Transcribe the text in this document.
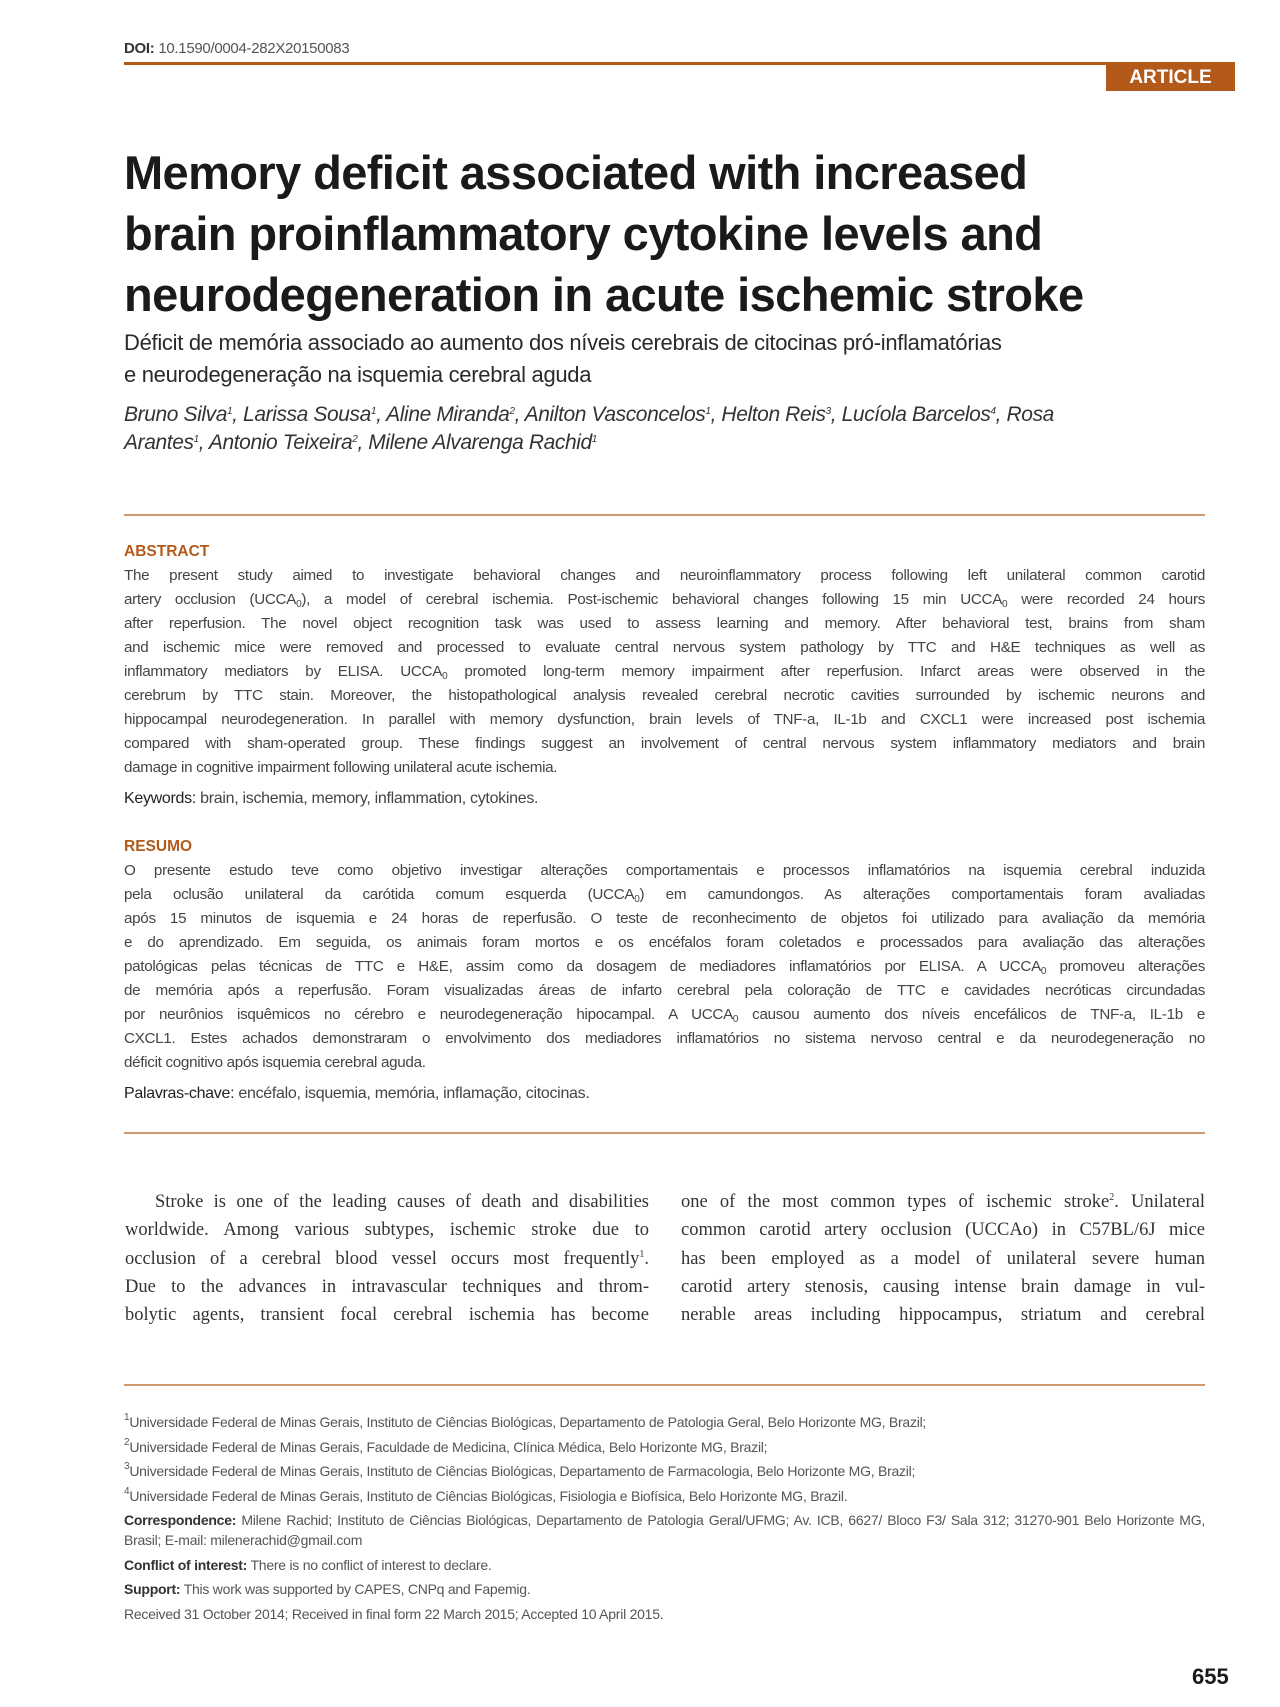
DOI: 10.1590/0004-282X20150083
ARTICLE
Memory deficit associated with increased
brain proinflammatory cytokine levels and
neurodegeneration in acute ischemic stroke
Déficit de memória associado ao aumento dos níveis cerebrais de citocinas pró-inflamatórias
e neurodegeneração na isquemia cerebral aguda
Bruno Silva$^1$, Larissa Sousa$^1$, Aline Miranda$^2$, Anilton Vasconcelos$^1$, Helton Reis$^3$, Lucíola Barcelos$^4$, Rosa
Arantes$^1$, Antonio Teixeira$^2$, Milene Alvarenga Rachid$^1$
ABSTRACT
The present study aimed to investigate behavioral changes and neuroinflammatory process following left unilateral common carotid
artery occlusion $(UCCA_0)$, a model of cerebral ischemia. Post-ischemic behavioral changes following 15 $\min UCCA_0$ were recorded 24 hours
after reperfusion. The novel object recognition task was used to assess learning and memory. After behavioral test, brains from sham
and ischemic mice were removed and processed to evaluate central nervous system pathology by TTC and H&E techniques as well as
inflammatory mediators by ELISA. $UCCA_0$ promoted long-term memory impairment after reperfusion. Infarct areas were observed in the
cerebrum by TTC stain. Moreover, the histopathological analysis revealed cerebral necrotic cavities surrounded by ischemic neurons and
hippocampal neurodegeneration. In parallel with memory dysfunction, brain levels of TNF-a, IL-1b and CXCL1 were increased post ischemia
compared with sham-operated group. These findings suggest an involvement of central nervous system inflammatory mediators and brain
damage in cognitive impairment following unilateral acute ischemia.
Keywords: brain, ischemia, memory, inflammation, cytokines.
RESUMO
O presente estudo teve como objetivo investigar alterações comportamentais e processos inflamatórios na isquemia cerebral induzida
pela oclusão unilateral da carótida comum esquerda $(UCCA_0)$ em camundongos. As alterações comportamentais foram avaliadas
após 15 minutos de isquemia e 24 horas de reperfusão. O teste de reconhecimento de objetos foi utilizado para avaliação da memória
e do aprendizado. Em seguida, os animais foram mortos e os encéfalos foram coletados e processados para avaliação das alterações
patológicas pelas técnicas de TTC e H&E, assim como da dosagem de mediadores inflamatórios por ELISA. A $UCCA_0$ promoveu alterações
de memória após a reperfusão. Foram visualizadas áreas de infarto cerebral pela coloração de TTC e cavidades necróticas circundadas
por neurônios isquêmicos no cérebro e neurodegeneração hipocampal. A $UCCA_0$ causou aumento dos níveis encefálicos de TNF-a, IL-1b e
CXCL1. Estes achados demonstraram o envolvimento dos mediadores inflamatórios no sistema nervoso central e da neurodegeneração no
déficit cognitivo após isquemia cerebral aguda.
Palavras-chave: encéfalo, isquemia, memória, inflamação, citocinas.
Stroke is one of the leading causes of death and disabilities
worldwide. Among various subtypes, ischemic stroke due to
occlusion of a cerebral blood vessel occurs most frequently$^1$.
Due to the advances in intravascular techniques and throm-
bolytic agents, transient focal cerebral ischemia has become
one of the most common types of ischemic stroke$^2$. Unilateral
common carotid artery occlusion (UCCAo) in C57BL/6J mice
has been employed as a model of unilateral severe human
carotid artery stenosis, causing intense brain damage in vul-
nerable areas including hippocampus, striatum and cerebral
$^1$Universidade Federal de Minas Gerais, Instituto de Ciências Biológicas, Departamento de Patologia Geral, Belo Horizonte MG, Brazil;
$^2$Universidade Federal de Minas Gerais, Faculdade de Medicina, Clínica Médica, Belo Horizonte MG, Brazil;
$^3$Universidade Federal de Minas Gerais, Instituto de Ciências Biológicas, Departamento de Farmacologia, Belo Horizonte MG, Brazil;
$^4$Universidade Federal de Minas Gerais, Instituto de Ciências Biológicas, Fisiologia e Biofísica, Belo Horizonte MG, Brazil.
Correspondence: Milene Rachid; Instituto de Ciências Biológicas, Departamento de Patologia Geral/UFMG; Av. ICB, 6627/ Bloco F3/ Sala 312; 31270-901 Belo Horizonte MG, Brasil; E-mail: milenerachid@gmail.com
Conflict of interest: There is no conflict of interest to declare.
Support: This work was supported by CAPES, CNPq and Fapemig.
Received 31 October 2014; Received in final form 22 March 2015; Accepted 10 April 2015.
655
